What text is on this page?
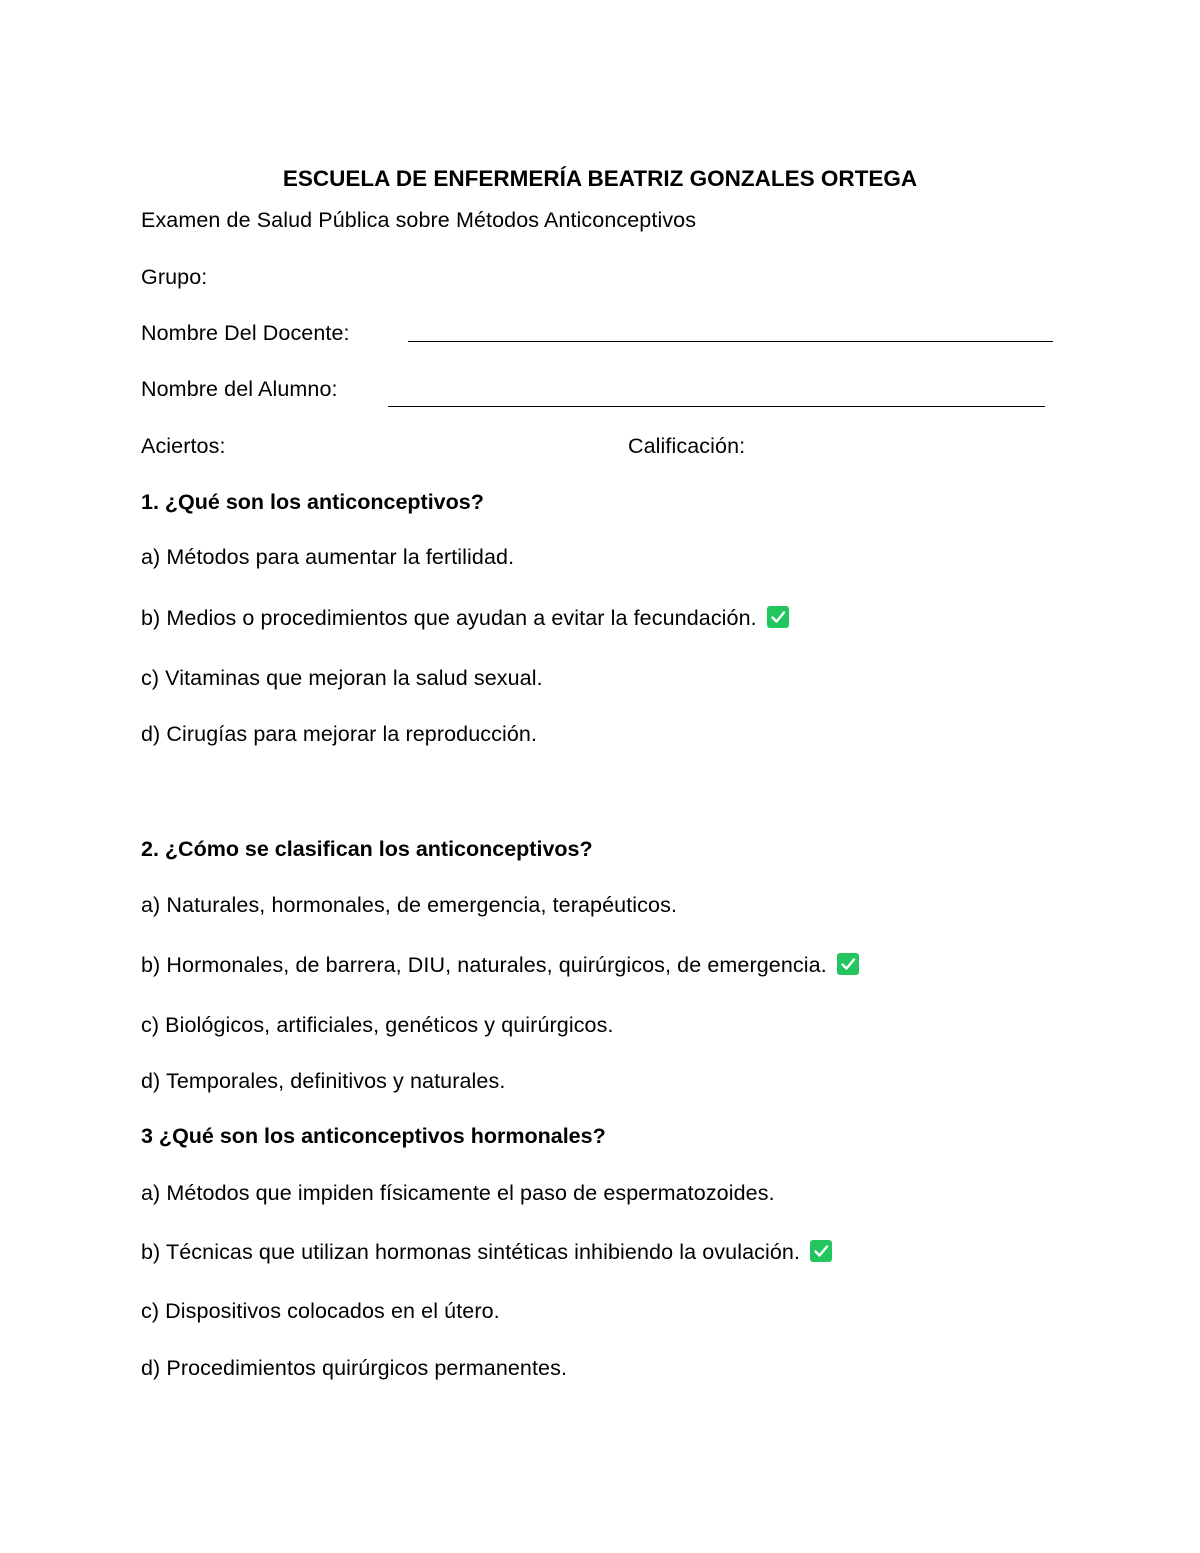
ESCUELA DE ENFERMERÍA BEATRIZ GONZALES ORTEGA
Examen de Salud Pública sobre Métodos Anticonceptivos
Grupo:
Nombre Del Docente:
Nombre del Alumno:
Aciertos:	Calificación:
1. ¿Qué son los anticonceptivos?
a) Métodos para aumentar la fertilidad.
b) Medios o procedimientos que ayudan a evitar la fecundación.
c) Vitaminas que mejoran la salud sexual.
d) Cirugías para mejorar la reproducción.
2. ¿Cómo se clasifican los anticonceptivos?
a) Naturales, hormonales, de emergencia, terapéuticos.
b) Hormonales, de barrera, DIU, naturales, quirúrgicos, de emergencia.
c) Biológicos, artificiales, genéticos y quirúrgicos.
d) Temporales, definitivos y naturales.
3 ¿Qué son los anticonceptivos hormonales?
a) Métodos que impiden físicamente el paso de espermatozoides.
b) Técnicas que utilizan hormonas sintéticas inhibiendo la ovulación.
c) Dispositivos colocados en el útero.
d) Procedimientos quirúrgicos permanentes.
